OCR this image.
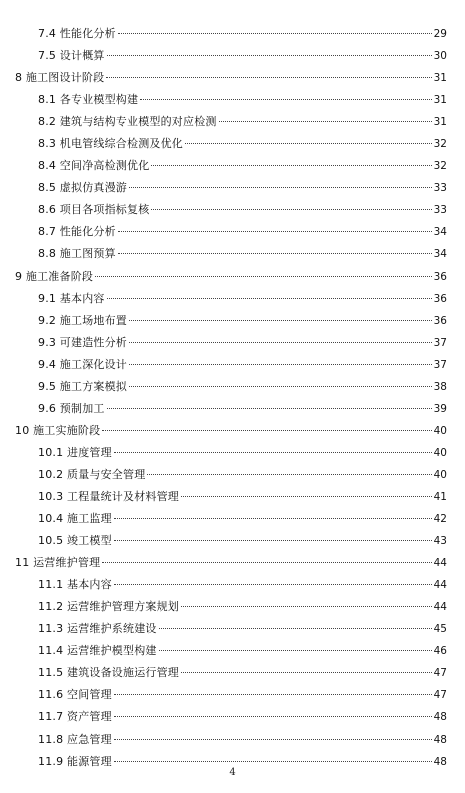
7.4 性能化分析	29
7.5 设计概算	30
8 施工图设计阶段	31
8.1 各专业模型构建	31
8.2 建筑与结构专业模型的对应检测	31
8.3 机电管线综合检测及优化	32
8.4 空间净高检测优化	32
8.5 虚拟仿真漫游	33
8.6 项目各项指标复核	33
8.7 性能化分析	34
8.8 施工图预算	34
9 施工准备阶段	36
9.1 基本内容	36
9.2 施工场地布置	36
9.3 可建造性分析	37
9.4 施工深化设计	37
9.5 施工方案模拟	38
9.6 预制加工	39
10 施工实施阶段	40
10.1 进度管理	40
10.2 质量与安全管理	40
10.3 工程量统计及材料管理	41
10.4 施工监理	42
10.5 竣工模型	43
11 运营维护管理	44
11.1 基本内容	44
11.2 运营维护管理方案规划	44
11.3 运营维护系统建设	45
11.4 运营维护模型构建	46
11.5 建筑设备设施运行管理	47
11.6 空间管理	47
11.7 资产管理	48
11.8 应急管理	48
11.9 能源管理	48
4
